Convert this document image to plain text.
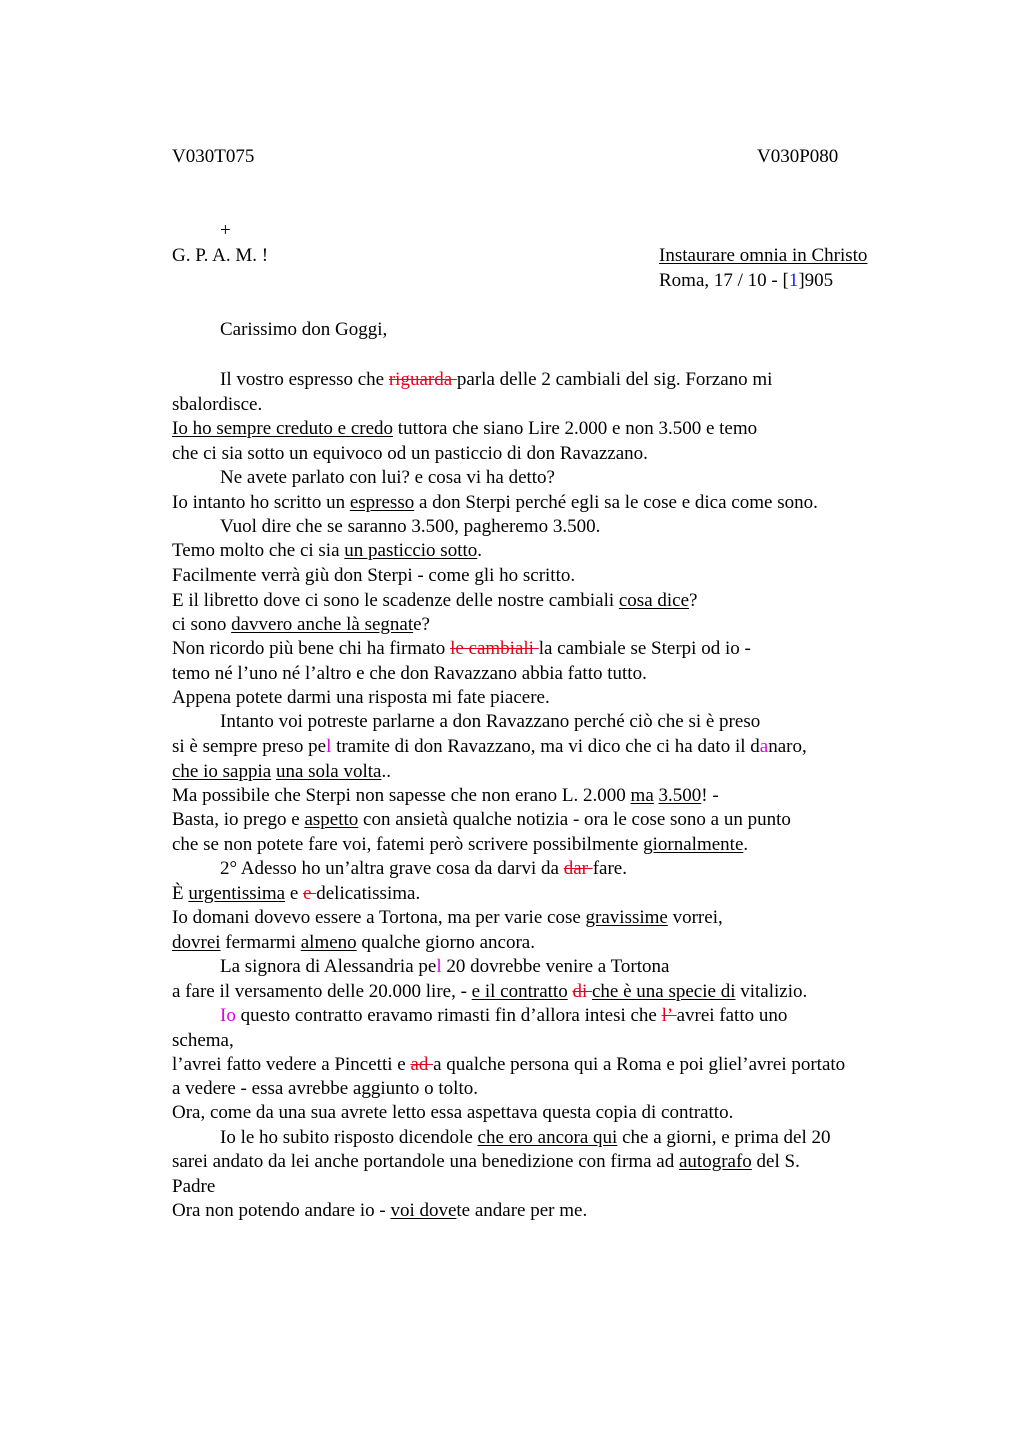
V030T075	V030P080
+
G. P. A. M. !	Instaurare omnia in Christo
Roma, 17 / 10 - [1]905
Carissimo don Goggi,
Il vostro espresso che riguarda parla delle 2 cambiali del sig. Forzano mi
sbalordisce.
Io ho sempre creduto e credo tuttora che siano Lire 2.000 e non 3.500 e temo
che ci sia sotto un equivoco od un pasticcio di don Ravazzano.
Ne avete parlato con lui? e cosa vi ha detto?
Io intanto ho scritto un espresso a don Sterpi perché egli sa le cose e dica come sono.
Vuol dire che se saranno 3.500, pagheremo 3.500.
Temo molto che ci sia un pasticcio sotto.
Facilmente verrà giù don Sterpi - come gli ho scritto.
E il libretto dove ci sono le scadenze delle nostre cambiali cosa dice?
ci sono davvero anche là segnate?
Non ricordo più bene chi ha firmato le cambiali la cambiale se Sterpi od io -
temo né l’uno né l’altro e che don Ravazzano abbia fatto tutto.
Appena potete darmi una risposta mi fate piacere.
Intanto voi potreste parlarne a don Ravazzano perché ciò che si è preso
si è sempre preso pel tramite di don Ravazzano, ma vi dico che ci ha dato il danaro,
che io sappia una sola volta..
Ma possibile che Sterpi non sapesse che non erano L. 2.000 ma 3.500! -
Basta, io prego e aspetto con ansietà qualche notizia - ora le cose sono a un punto
che se non potete fare voi, fatemi però scrivere possibilmente giornalmente.
2° Adesso ho un’altra grave cosa da darvi da dar fare.
È urgentissima e e delicatissima.
Io domani dovevo essere a Tortona, ma per varie cose gravissime vorrei,
dovrei fermarmi almeno qualche giorno ancora.
La signora di Alessandria pel 20 dovrebbe venire a Tortona
a fare il versamento delle 20.000 lire, - e il contratto di che è una specie di vitalizio.
Io questo contratto eravamo rimasti fin d’allora intesi che l’ avrei fatto uno
schema,
l’avrei fatto vedere a Pincetti e ad a qualche persona qui a Roma e poi gliel’avrei portato
a vedere - essa avrebbe aggiunto o tolto.
Ora, come da una sua avrete letto essa aspettava questa copia di contratto.
Io le ho subito risposto dicendole che ero ancora qui che a giorni, e prima del 20
sarei andato da lei anche portandole una benedizione con firma ad autografo del S.
Padre
Ora non potendo andare io - voi dovete andare per me.
